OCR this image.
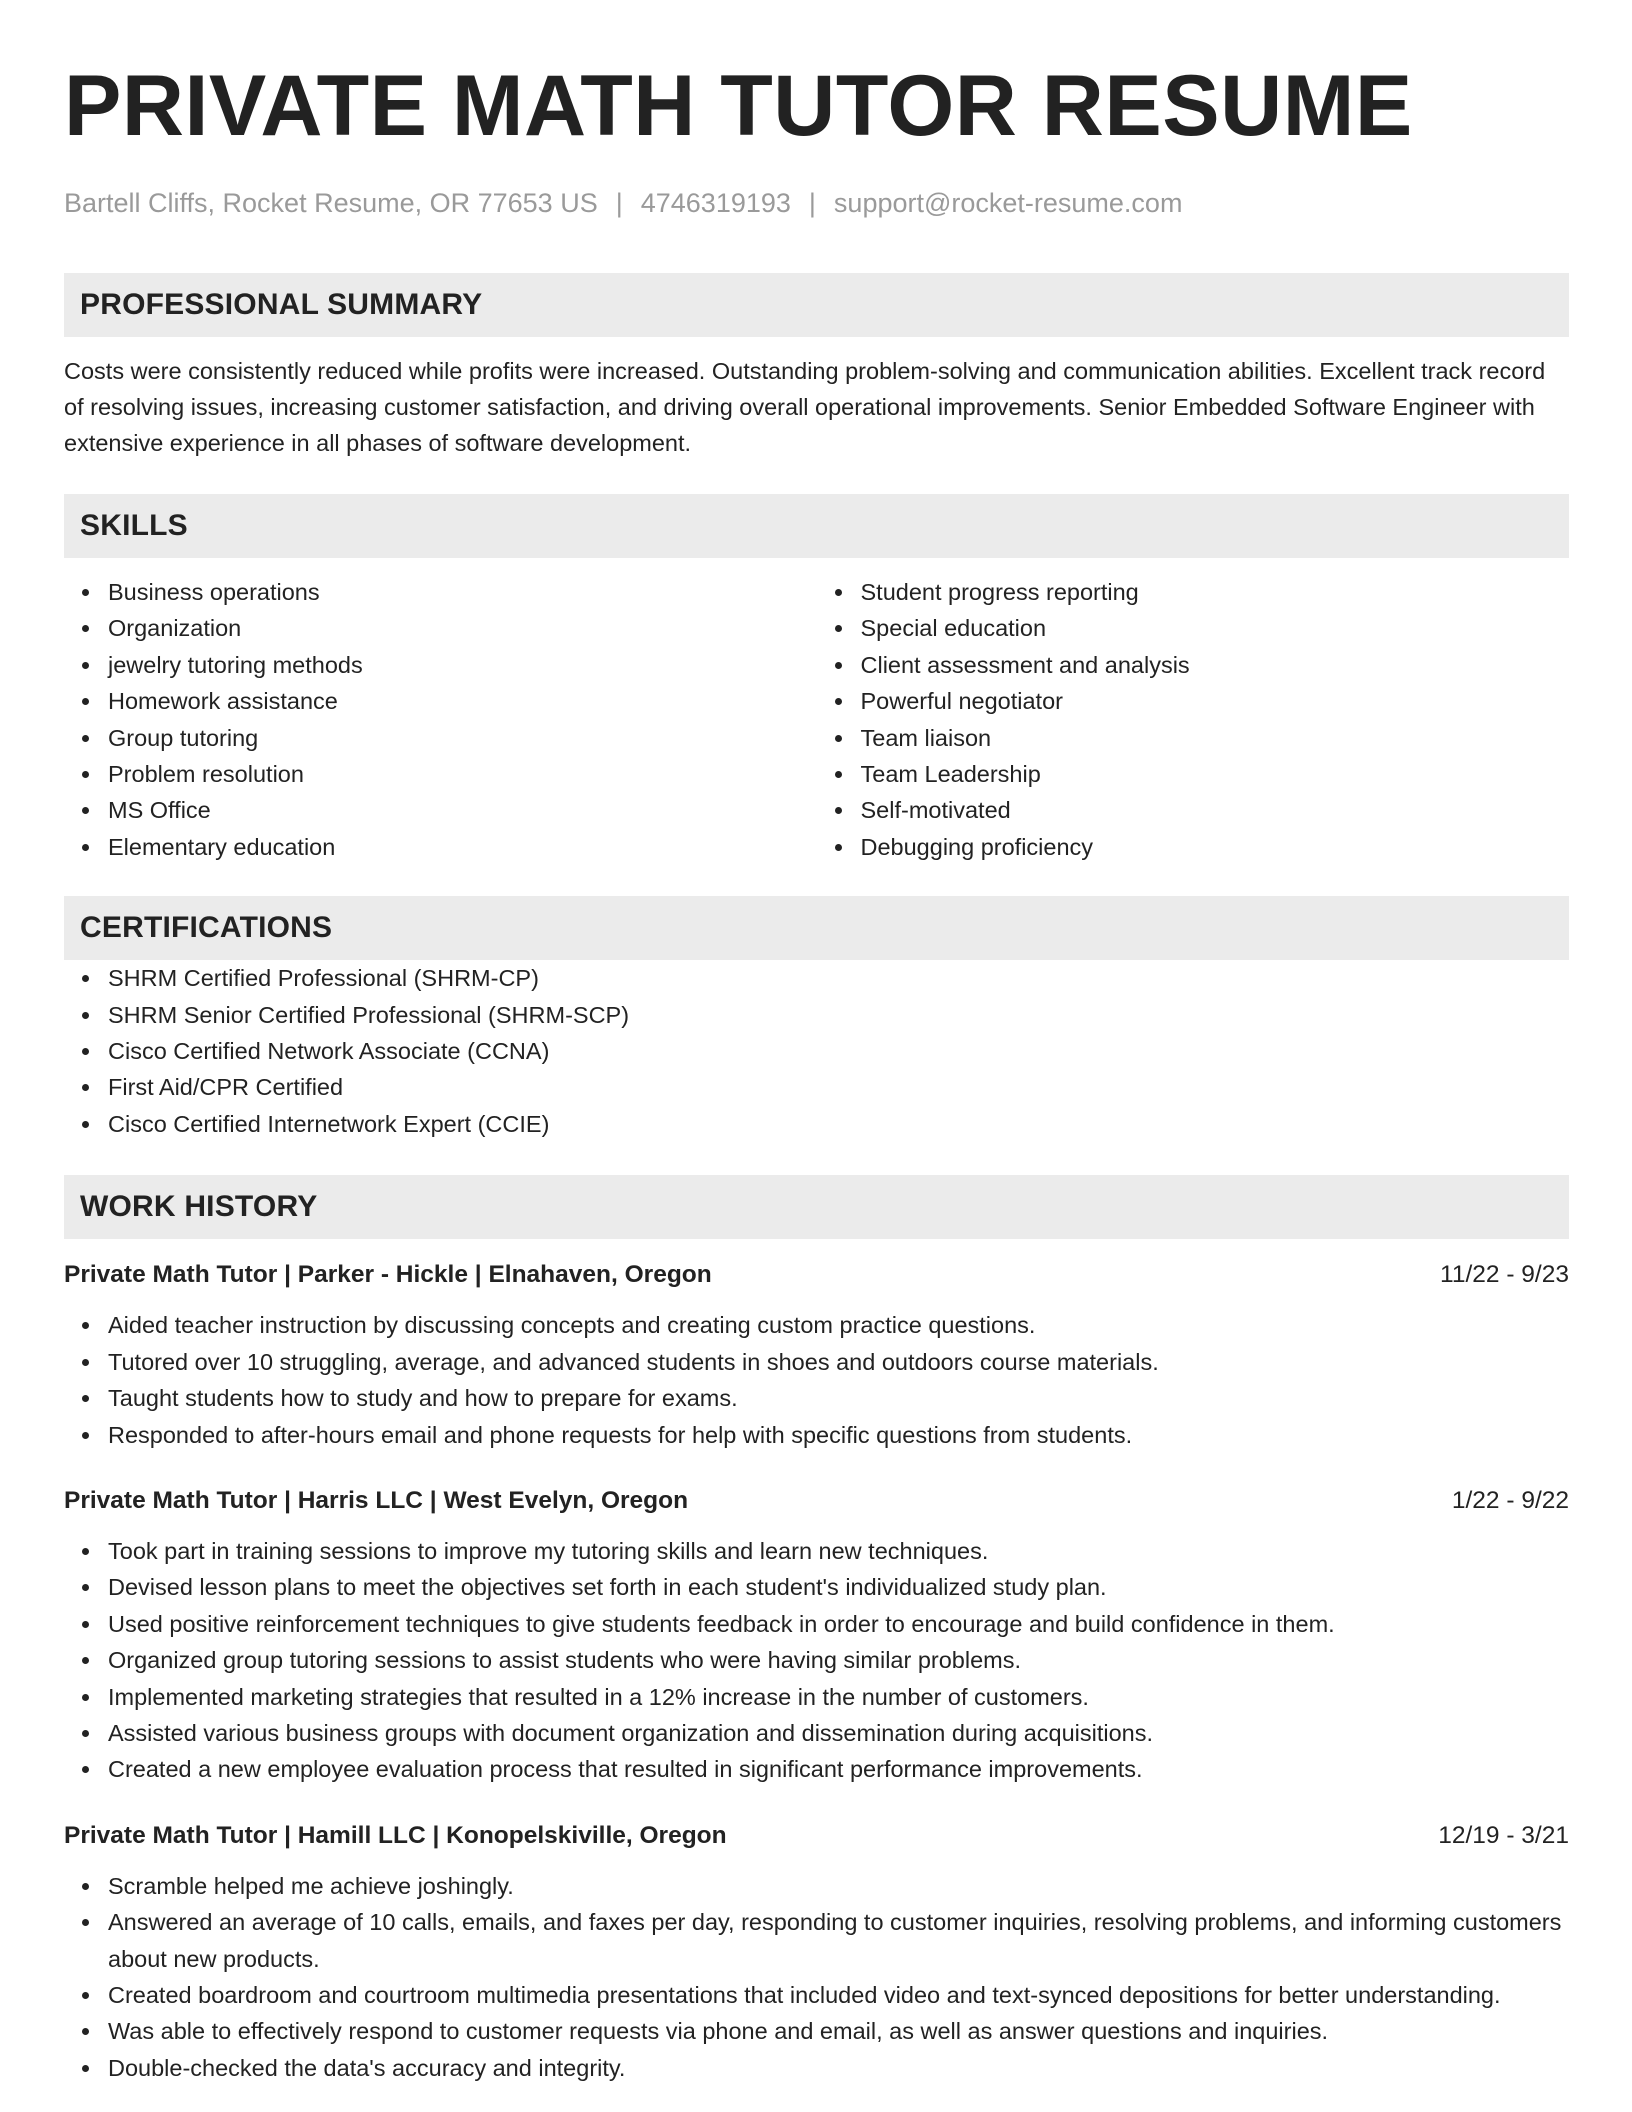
PRIVATE MATH TUTOR RESUME
Bartell Cliffs, Rocket Resume, OR 77653 US | 4746319193 | support@rocket-resume.com
PROFESSIONAL SUMMARY

Costs were consistently reduced while profits were increased. Outstanding problem-solving and communication abilities. Excellent track record of resolving issues, increasing customer satisfaction, and driving overall operational improvements. Senior Embedded Software Engineer with extensive experience in all phases of software development.

SKILLS
Business operations
Organization
jewelry tutoring methods
Homework assistance
Group tutoring
Problem resolution
MS Office
Elementary education
Student progress reporting
Special education
Client assessment and analysis
Powerful negotiator
Team liaison
Team Leadership
Self-motivated
Debugging proficiency
CERTIFICATIONS
SHRM Certified Professional (SHRM-CP)
SHRM Senior Certified Professional (SHRM-SCP)
Cisco Certified Network Associate (CCNA)
First Aid/CPR Certified
Cisco Certified Internetwork Expert (CCIE)
WORK HISTORY
Private Math Tutor | Parker - Hickle | Elnahaven, Oregon	11/22 - 9/23
Aided teacher instruction by discussing concepts and creating custom practice questions.
Tutored over 10 struggling, average, and advanced students in shoes and outdoors course materials.
Taught students how to study and how to prepare for exams.
Responded to after-hours email and phone requests for help with specific questions from students.
Private Math Tutor | Harris LLC | West Evelyn, Oregon	1/22 - 9/22
Took part in training sessions to improve my tutoring skills and learn new techniques.
Devised lesson plans to meet the objectives set forth in each student's individualized study plan.
Used positive reinforcement techniques to give students feedback in order to encourage and build confidence in them.
Organized group tutoring sessions to assist students who were having similar problems.
Implemented marketing strategies that resulted in a 12% increase in the number of customers.
Assisted various business groups with document organization and dissemination during acquisitions.
Created a new employee evaluation process that resulted in significant performance improvements.
Private Math Tutor | Hamill LLC | Konopelskiville, Oregon	12/19 - 3/21
Scramble helped me achieve joshingly.
Answered an average of 10 calls, emails, and faxes per day, responding to customer inquiries, resolving problems, and informing customers about new products.
Created boardroom and courtroom multimedia presentations that included video and text-synced depositions for better understanding.
Was able to effectively respond to customer requests via phone and email, as well as answer questions and inquiries.
Double-checked the data's accuracy and integrity.
